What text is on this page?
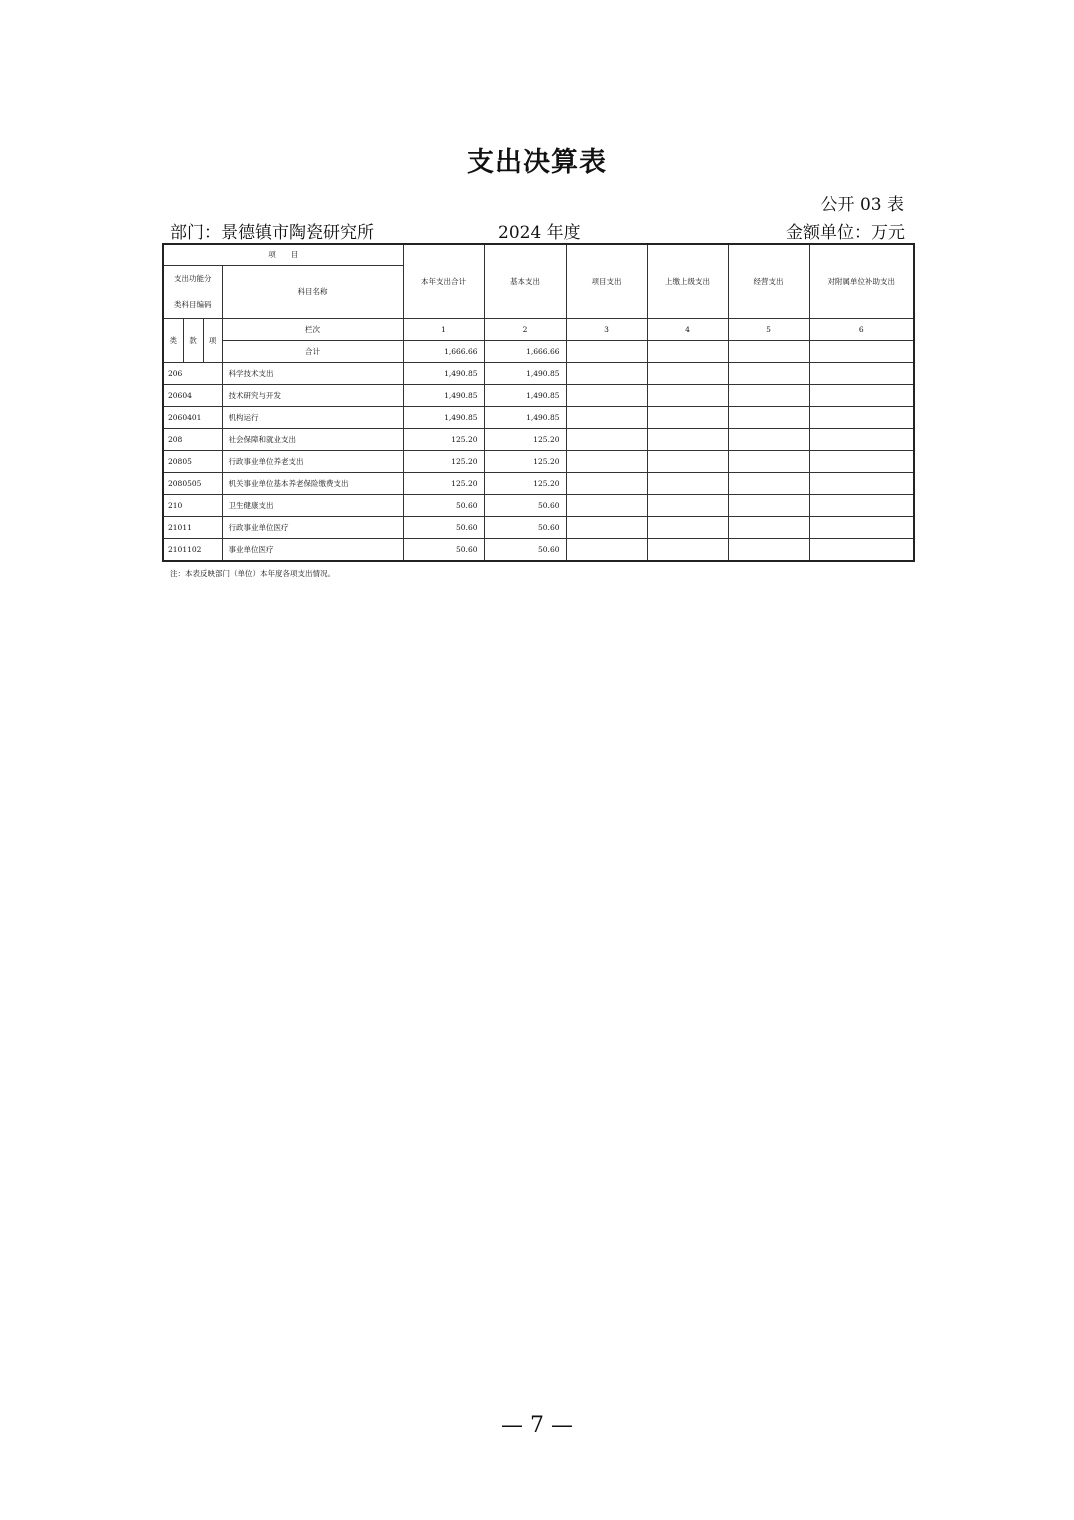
支出决算表
公开 03 表
部门：景德镇市陶瓷研究所	2024 年度	金额单位：万元
项　　目				本年支出合计	基本支出	项目支出	上缴上级支出	经营支出	对附属单位补助支出

支出功能分
类科目编码			科目名称						
类	款	项	栏次	1	2	3	4	5	6
			合计	1,666.66	1,666.66				
206			科学技术支出	1,490.85	1,490.85				
20604			技术研究与开发	1,490.85	1,490.85				
2060401			机构运行	1,490.85	1,490.85				
208			社会保障和就业支出	125.20	125.20				
20805			行政事业单位养老支出	125.20	125.20				
2080505			机关事业单位基本养老保险缴费支出	125.20	125.20				
210			卫生健康支出	50.60	50.60				
21011			行政事业单位医疗	50.60	50.60				
2101102			事业单位医疗	50.60	50.60				
注：本表反映部门（单位）本年度各项支出情况。
— 7 —
